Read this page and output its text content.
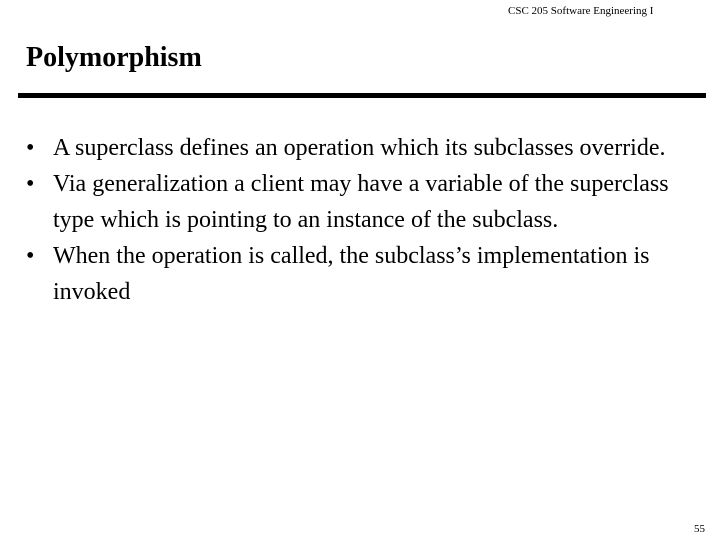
CSC 205 Software Engineering I
Polymorphism
• A superclass defines an operation which its subclasses override.
• Via generalization a client may have a variable of the superclass type which is pointing to an instance of the subclass.
• When the operation is called, the subclass’s implementation is invoked
55
